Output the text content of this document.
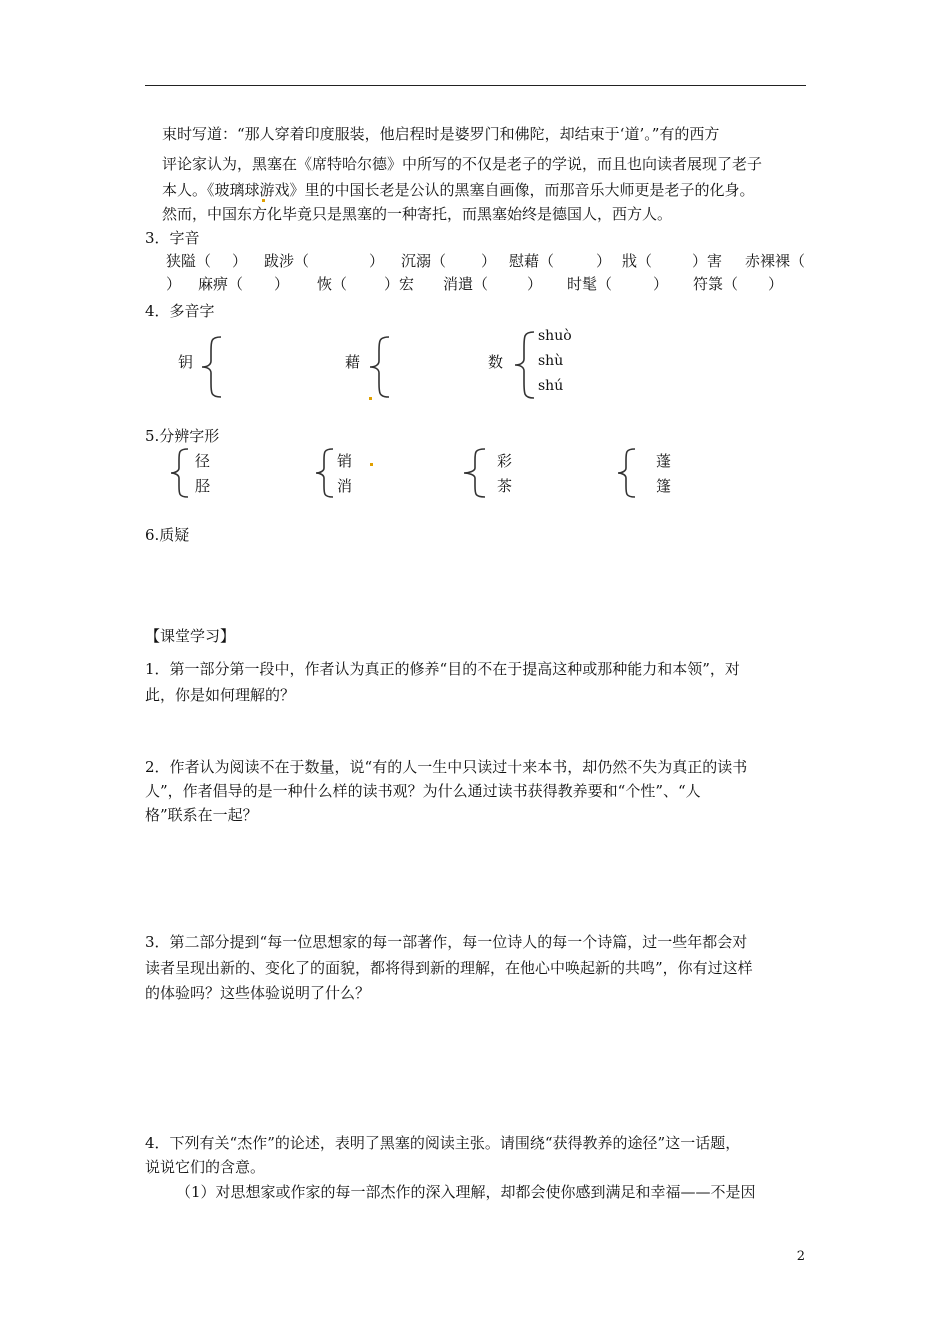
束时写道：“那人穿着印度服装，他启程时是婆罗门和佛陀，却结束于‘道’。”有的西方
评论家认为，黑塞在《席特哈尔德》中所写的不仅是老子的学说，而且也向读者展现了老子
本人。《玻璃球游戏》里的中国长老是公认的黑塞自画像，而那音乐大师更是老子的化身。
然而，中国东方化毕竟只是黑塞的一种寄托，而黑塞始终是德国人，西方人。
3．字音
狭隘（ ） 跋涉（	） 沉溺（ ） 慰藉（	） 戕（	）害 赤裸裸（
） 麻痹（ ） 恢（ ）宏 消遣（	） 时髦（	） 符箓（ ）
4．多音字
钥	藉	数
shuò
shù
shú
5.分辨字形
径
胫
销
消
彩
茶
蓬
篷
6.质疑
【课堂学习】
1．第一部分第一段中，作者认为真正的修养“目的不在于提高这种或那种能力和本领”，对
此，你是如何理解的？
2．作者认为阅读不在于数量，说“有的人一生中只读过十来本书，却仍然不失为真正的读书
人”，作者倡导的是一种什么样的读书观？为什么通过读书获得教养要和“个性”、“人
格”联系在一起？
3．第二部分提到“每一位思想家的每一部著作，每一位诗人的每一个诗篇，过一些年都会对
读者呈现出新的、变化了的面貌，都将得到新的理解，在他心中唤起新的共鸣”，你有过这样
的体验吗？这些体验说明了什么？
4．下列有关“杰作”的论述，表明了黑塞的阅读主张。请围绕“获得教养的途径”这一话题，
说说它们的含意。
（1）对思想家或作家的每一部杰作的深入理解，却都会使你感到满足和幸福——不是因
2
